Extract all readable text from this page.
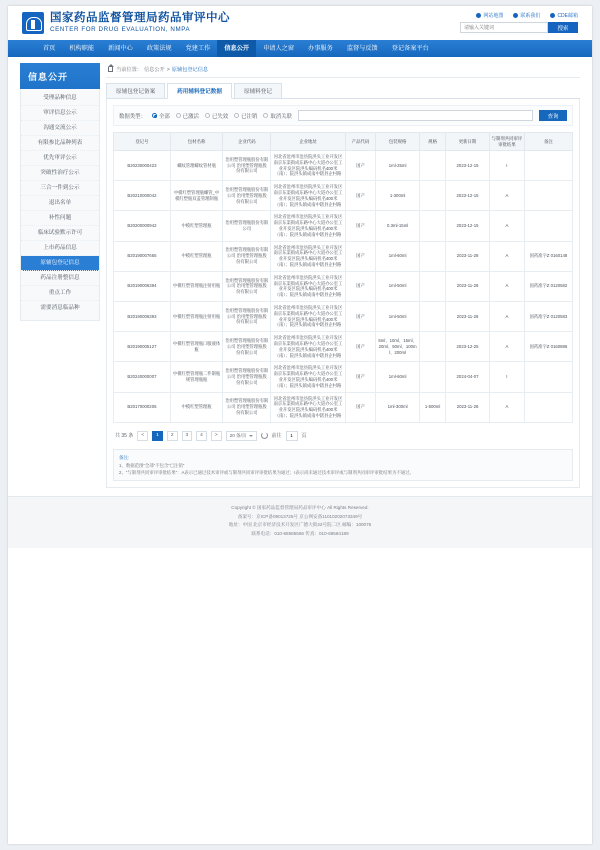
国家药品监督管理局药品审评中心
CENTER FOR DRUG EVALUATION, NMPA
网站地图	联系我们	CDE邮箱
请输入关键词
搜索
首页	机构职能	新闻中心	政策法规	党建工作	信息公开	申请人之窗	办事服务	监督与反馈	登记备案平台
信息公开
受理品种信息
审评信息公示
沟通交流公示
有限参比品种列表
优先审评公示
突破性治疗公示
三合一件到公示
退出名单
补性问题
临床试验默示许可
上市药品信息
原辅包登记信息
药品注册整信息
重点工作
需要消息临品种
当前位置： 信息公开 > 原辅包登记信息
原辅包登记备案	药用辅料登记数据	原辅料登记
数据类型： 全部 已激活 已失效 已注销 取消关联	查询
登记号	包材名称	企业代码	企业地址	产品代码	包装规格	规格	更新日期	与制剂共同审评审批结果	备注
B20230000423	螺纹管理螺纹管材瓶	治用塑管理瓶股份有限公司 治用塑管理瓶股份有限公司	河北省沧州市沧县院洪头工业开发区南京东渠街成东路中心大道办公室工业开发区院洪头编码机名400米（南）；院洪头镇成南中辖县企村路	国产	1ml-25ml		2023-12-15	I	
B20210000042	中模红塑管理瓶螺管_中模红塑瓶双盖管理制瓶	治用塑管理瓶股份有限公司 治用塑管理瓶股份有限公司	河北省沧州市沧县院洪头工业开发区南京东渠街成东路中心大道办公室工业开发区院洪头编码机名400米（南）；院洪头镇成南中辖县企村路	国产	1-300ml		2023-12-15	A	
B20200000942	中模红塑管理瓶	治用塑管理瓶股份有限公司	河北省沧州市沧县院洪头工业开发区南京东渠街成东路中心大道办公室工业开发区院洪头编码机名400米（南）；院洪头镇成南中辖县企村路	国产	0.3ml-15ml		2023-12-15	A	
B20190007665	中模红塑管理瓶	治用塑管理瓶股份有限公司 治用塑管理瓶股份有限公司	河北省沧州市沧县院洪头工业开发区南京东渠街成东路中心大道办公室工业开发区院洪头编码机名400米（南）；院洪头镇成南中辖县企村路	国产	1ml-60ml		2023-11-28	A	国药准字Z 0160148
B20190006394	中模红塑管理瓶注射用瓶	治用塑管理瓶股份有限公司 治用塑管理瓶股份有限公司	河北省沧州市沧县院洪头工业开发区南京东渠街成东路中心大道办公室工业开发区院洪头编码机名400米（南）；院洪头镇成南中辖县企村路	国产	1ml-50ml		2023-11-28	A	国药准字Z 0120582
B20190006393	中模红塑管理瓶注射用瓶	治用塑管理瓶股份有限公司 治用塑管理瓶股份有限公司	河北省沧州市沧县院洪头工业开发区南京东渠街成东路中心大道办公室工业开发区院洪头编码机名400米（南）；院洪头镇成南中辖县企村路	国产	1ml-50ml		2023-11-28	A	国药准字Z 0120583
B20190005127	中模红塑管理瓶口服液体瓶	治用塑管理瓶股份有限公司 治用塑管理瓶股份有限公司	河北省沧州市沧县院洪头工业开发区南京东渠街成东路中心大道办公室工业开发区院洪头编码机名400米（南）；院洪头镇成南中辖县企村路	国产	5ml、10ml、15ml、20ml、50ml、100ml、200ml		2023-12-25	A	国药准字Z 0160886
B20240000007	中模红塑管理瓶二件制瓶规管理瓶瓶	治用塑管理瓶股份有限公司 治用塑管理瓶股份有限公司	河北省沧州市沧县院洪头工业开发区南京东渠街成东路中心大道办公室工业开发区院洪头编码机名400米（南）；院洪头镇成南中辖县企村路	国产	1ml-60ml		2024-04-07	I	
B20170000206	中模红塑管理瓶	治用塑管理瓶股份有限公司 治用塑管理瓶股份有限公司	河北省沧州市沧县院洪头工业开发区南京东渠街成东路中心大道办公室工业开发区院洪头编码机名400米（南）；院洪头镇成南中辖县企村路	国产	1ml-300ml	1-500ml	2023-11-28	A	
共 35 条	<	1	2	3	4	>	20 条/页	前往
1	页
备注：
1、数据范围“全部”不包含“已注销”
2、“与制剂共同审评审批结果”：A表示已通过技术审评或与制剂共同审评审批结果为通过；I表示尚未通过技术审评或与制剂共同审评审批结果为不通过。
Copyright © 国家药品监督管理局药品审评中心 All Rights Reserved.
备案号：京ICP备09013725号 京公网安备11010202073349号
地址：中国 北京市经济技术开发区广德大街22号院二区 邮编：100076
联系电话：010-68585566 传真：010-68584189
